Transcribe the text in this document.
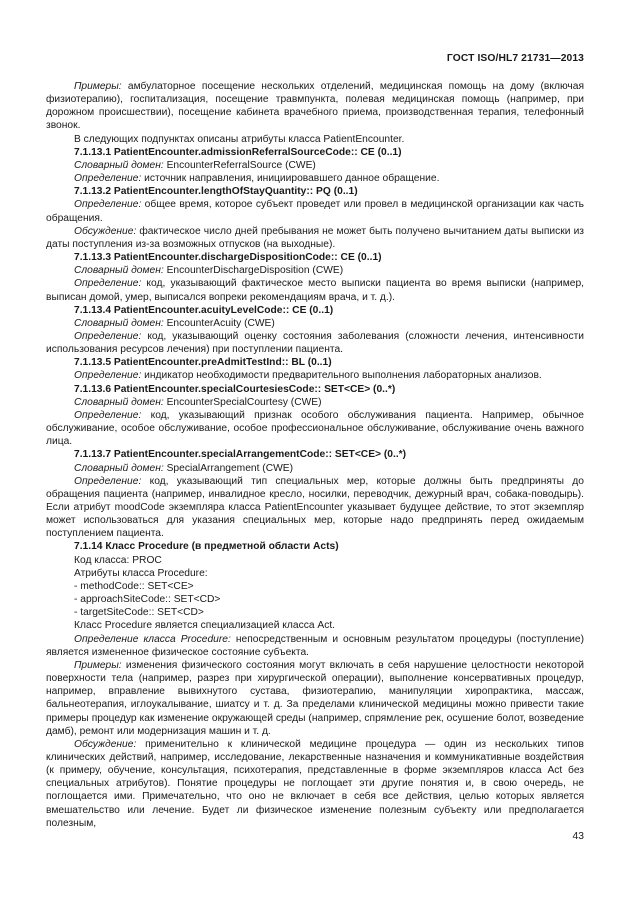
ГОСТ ISO/HL7 21731—2013

Примеры: амбулаторное посещение нескольких отделений, медицинская помощь на дому (включая физиотерапию), госпитализация, посещение травмпункта, полевая медицинская помощь (например, при дорожном происшествии), посещение кабинета врачебного приема, производственная терапия, телефонный звонок.

В следующих подпунктах описаны атрибуты класса PatientEncounter.

7.1.13.1 PatientEncounter.admissionReferralSourceCode:: CE (0..1)

Словарный домен: EncounterReferralSource (CWE)

Определение: источник направления, инициировавшего данное обращение.

7.1.13.2 PatientEncounter.lengthOfStayQuantity:: PQ (0..1)

Определение: общее время, которое субъект проведет или провел в медицинской организации как часть обращения.

Обсуждение: фактическое число дней пребывания не может быть получено вычитанием даты выписки из даты поступления из-за возможных отпусков (на выходные).

7.1.13.3 PatientEncounter.dischargeDispositionCode:: CE (0..1)

Словарный домен: EncounterDischargeDisposition (CWE)

Определение: код, указывающий фактическое место выписки пациента во время выписки (например, выписан домой, умер, выписался вопреки рекомендациям врача, и т. д.).

7.1.13.4 PatientEncounter.acuityLevelCode:: CE (0..1)

Словарный домен: EncounterAcuity (CWE)

Определение: код, указывающий оценку состояния заболевания (сложности лечения, интенсивности использования ресурсов лечения) при поступлении пациента.

7.1.13.5 PatientEncounter.preAdmitTestInd:: BL (0..1)

Определение: индикатор необходимости предварительного выполнения лабораторных анализов.

7.1.13.6 PatientEncounter.specialCourtesiesCode:: SET<CE> (0..*)

Словарный домен: EncounterSpecialCourtesy (CWE)

Определение: код, указывающий признак особого обслуживания пациента. Например, обычное обслуживание, особое обслуживание, особое профессиональное обслуживание, обслуживание очень важного лица.

7.1.13.7 PatientEncounter.specialArrangementCode:: SET<CE> (0..*)

Словарный домен: SpecialArrangement (CWE)

Определение: код, указывающий тип специальных мер, которые должны быть предприняты до обращения пациента (например, инвалидное кресло, носилки, переводчик, дежурный врач, собака-поводырь). Если атрибут moodCode экземпляра класса PatientEncounter указывает будущее действие, то этот экземпляр может использоваться для указания специальных мер, которые надо предпринять перед ожидаемым поступлением пациента.

7.1.14 Класс Procedure (в предметной области Acts)

Код класса: PROC

Атрибуты класса Procedure:

- methodCode:: SET<CE>

- approachSiteCode:: SET<CD>

- targetSiteCode:: SET<CD>

Класс Procedure является специализацией класса Act.

Определение класса Procedure: непосредственным и основным результатом процедуры (поступление) является измененное физическое состояние субъекта.

Примеры: изменения физического состояния могут включать в себя нарушение целостности некоторой поверхности тела (например, разрез при хирургической операции), выполнение консервативных процедур, например, вправление вывихнутого сустава, физиотерапию, манипуляции хиропрактика, массаж, бальнеотерапия, иглоукалывание, шиатсу и т. д. За пределами клинической медицины можно привести такие примеры процедур как изменение окружающей среды (например, спрямление рек, осушение болот, возведение дамб), ремонт или модернизация машин и т. д.

Обсуждение: применительно к клинической медицине процедура — один из нескольких типов клинических действий, например, исследование, лекарственные назначения и коммуникативные воздействия (к примеру, обучение, консультация, психотерапия, представленные в форме экземпляров класса Act без специальных атрибутов). Понятие процедуры не поглощает эти другие понятия и, в свою очередь, не поглощается ими. Примечательно, что оно не включает в себя все действия, целью которых является вмешательство или лечение. Будет ли физическое изменение полезным субъекту или предполагается полезным,

43
